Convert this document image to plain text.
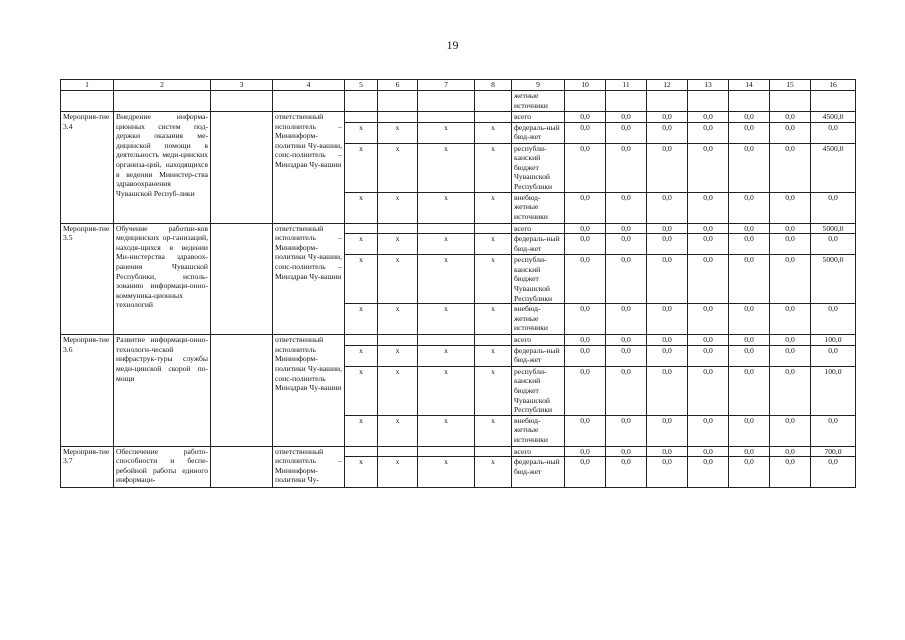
19
1	2	3	4	5	6	7	8	9	10	11	12	13	14	15	16
								жетные источники							
Мероприя-тие 3.4	Внедрение информа-ционных систем под-держки оказания ме-дицинской помощи в деятельность меди-цинских организа-ций, находящихся в ведении Министер-ства здравоохранения Чувашской Респуб-лики		ответственный исполнитель – Мининформ-политики Чу-вашии, соис-полнитель – Минздрав Чу-вашии					всего	0,0	0,0	0,0	0,0	0,0	0,0	4500,0
				х	х	х	х	федераль-ный бюд-жет	0,0	0,0	0,0	0,0	0,0	0,0	0,0
				х	х	х	х	республи-канский бюджет Чувашской Республики	0,0	0,0	0,0	0,0	0,0	0,0	4500,0
				х	х	х	х	внебюд-жетные источники	0,0	0,0	0,0	0,0	0,0	0,0	0,0
Мероприя-тие 3.5	Обучение работни-ков медицинских ор-ганизаций, находя-щихся в ведении Ми-нистерства здравоох-ранения Чувашской Республики, исполь-зованию информаци-онно-коммуника-ционных технологий		ответственный исполнитель – Мининформ-политики Чу-вашии, соис-полнитель – Минздрав Чу-вашии					всего	0,0	0,0	0,0	0,0	0,0	0,0	5000,0
				х	х	х	х	федераль-ный бюд-жет	0,0	0,0	0,0	0,0	0,0	0,0	0,0
				х	х	х	х	республи-канский бюджет Чувашской Республики	0,0	0,0	0,0	0,0	0,0	0,0	5000,0
				х	х	х	х	внебюд-жетные источники	0,0	0,0	0,0	0,0	0,0	0,0	0,0
Мероприя-тие 3.6	Развитие информаци-онно-технологи-ческой инфраструк-туры службы меди-цинской скорой по-мощи		ответственный исполнитель Мининформ-политики Чу-вашии, соис-полнитель Минздрав Чу-вашии					всего	0,0	0,0	0,0	0,0	0,0	0,0	100,0
				х	х	х	х	федераль-ный бюд-жет	0,0	0,0	0,0	0,0	0,0	0,0	0,0
				х	х	х	х	республи-канский бюджет Чувашской Республики	0,0	0,0	0,0	0,0	0,0	0,0	100,0
				х	х	х	х	внебюд-жетные источники	0,0	0,0	0,0	0,0	0,0	0,0	0,0
Мероприя-тие 3.7	Обеспечение работо-способности и беспе-ребойной работы единого информаци-		ответственный исполнитель – Мининформ-политики Чу-					всего	0,0	0,0	0,0	0,0	0,0	0,0	700,0
				х	х	х	х	федераль-ный бюд-жет	0,0	0,0	0,0	0,0	0,0	0,0	0,0
